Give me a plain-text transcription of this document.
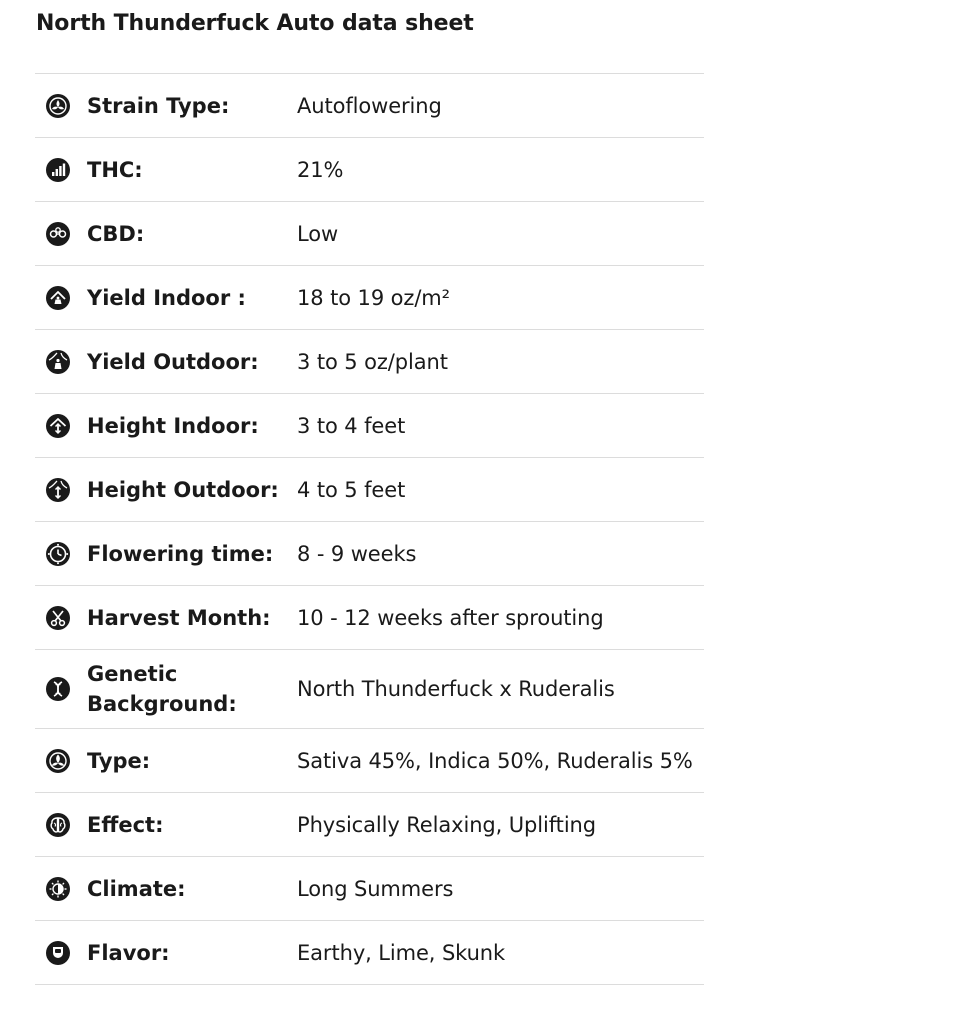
North Thunderfuck Auto data sheet
Strain Type:	Autoflowering
THC:	21%
CBD:	Low
Yield Indoor :	18 to 19 oz/m²
Yield Outdoor:	3 to 5 oz/plant
Height Indoor:	3 to 4 feet
Height Outdoor: 4 to 5 feet
Flowering time:	8 - 9 weeks
Harvest Month:	10 - 12 weeks after sprouting
Genetic Background:
North Thunderfuck x Ruderalis
Type:	Sativa 45%, Indica 50%, Ruderalis 5%
Effect:	Physically Relaxing, Uplifting
Climate:	Long Summers
Flavor:	Earthy, Lime, Skunk
